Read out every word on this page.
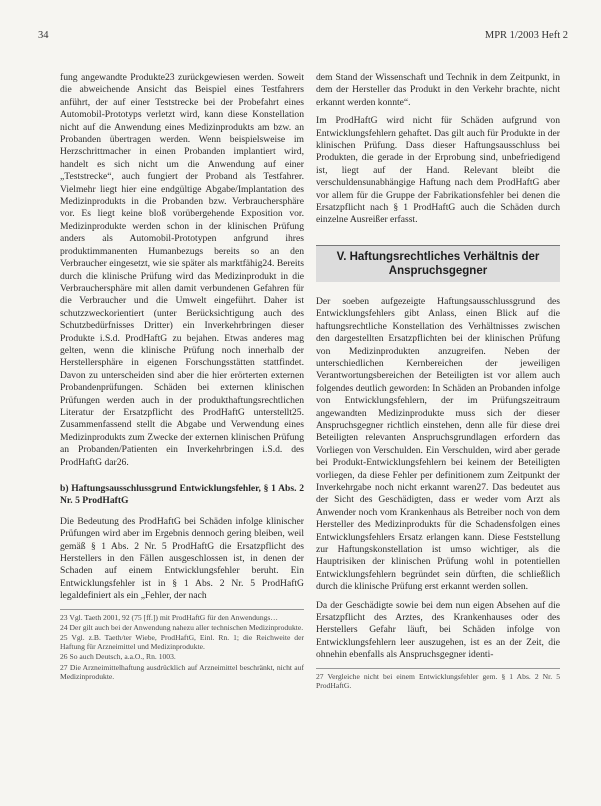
34	MPR 1/2003 Heft 2

fung angewandte Produkte23 zurückgewiesen werden. Soweit die abweichende Ansicht das Beispiel eines Testfahrers anführt, der auf einer Teststrecke bei der Probefahrt eines Automobil-Prototyps verletzt wird, kann diese Konstellation nicht auf die Anwendung eines Medizinprodukts am bzw. an Probanden übertragen werden. Wenn beispielsweise im Herzschrittmacher in einen Probanden implantiert wird, handelt es sich nicht um die Anwendung auf einer „Teststrecke“, auch fungiert der Proband als Testfahrer. Vielmehr liegt hier eine endgültige Abgabe/Implantation des Medizinprodukts in die Probanden bzw. Verbrauchersphäre vor. Es liegt keine bloß vorübergehende Exposition vor. Medizinprodukte werden schon in der klinischen Prüfung anders als Automobil-Prototypen anfgrund ihres produktimmanenten Humanbezugs bereits so an den Verbraucher eingesetzt, wie sie später als marktfähig24. Bereits durch die klinische Prüfung wird das Medizinprodukt in die Verbrauchersphäre mit allen damit verbundenen Gefahren für die Verbraucher und die Umwelt eingeführt. Daher ist schutzzweckorientiert (unter Berücksichtigung auch des Schutzbedürfnisses Dritter) ein Inverkehrbringen dieser Produkte i.S.d. ProdHaftG zu bejahen. Etwas anderes mag gelten, wenn die klinische Prüfung noch innerhalb der Herstellersphäre in eigenen Forschungsstätten stattfindet. Davon zu unterscheiden sind aber die hier erörterten externen Probandenprüfungen. Schäden bei externen klinischen Prüfungen werden auch in der produkthaftungsrechtlichen Literatur der Ersatzpflicht des ProdHaftG unterstellt25. Zusammenfassend stellt die Abgabe und Verwendung eines Medizinprodukts zum Zwecke der externen klinischen Prüfung an Probanden/Patienten ein Inverkehrbringen i.S.d. des ProdHaftG dar26.

b) Haftungsausschlussgrund Entwicklungsfehler, § 1 Abs. 2 Nr. 5 ProdHaftG

Die Bedeutung des ProdHaftG bei Schäden infolge klinischer Prüfungen wird aber im Ergebnis dennoch gering bleiben, weil gemäß § 1 Abs. 2 Nr. 5 ProdHaftG die Ersatzpflicht des Herstellers in den Fällen ausgeschlossen ist, in denen der Schaden auf einem Entwicklungsfehler beruht. Ein Entwicklungsfehler ist in § 1 Abs. 2 Nr. 5 ProdHaftG legaldefiniert als ein „Fehler, der nach

23 Vgl. Taeth 2001, 92 (75 [ff.]) mit ProdHaftG für den Anwendungs…
24 Der gilt auch bei der Anwendung nahezu aller technischen Medizinprodukte.
25 Vgl. z.B. Taeth/ter Wiebe, ProdHaftG, Einl. Rn. 1; die Reichweite der Haftung für Arzneimittel und Medizinprodukte.
26 So auch Deutsch, a.a.O., Rn. 1003.
27 Die Arzneimittelhaftung ausdrücklich auf Arzneimittel beschränkt, nicht auf Medizinprodukte.

dem Stand der Wissenschaft und Technik in dem Zeitpunkt, in dem der Hersteller das Produkt in den Verkehr brachte, nicht erkannt werden konnte“.

Im ProdHaftG wird nicht für Schäden aufgrund von Entwicklungsfehlern gehaftet. Das gilt auch für Produkte in der klinischen Prüfung. Dass dieser Haftungsausschluss bei Produkten, die gerade in der Erprobung sind, unbefriedigend ist, liegt auf der Hand. Relevant bleibt die verschuldensunabhängige Haftung nach dem ProdHaftG aber vor allem für die Gruppe der Fabrikationsfehler bei denen die Ersatzpflicht nach § 1 ProdHaftG auch die Schäden durch einzelne Ausreißer erfasst.

V. Haftungsrechtliches Verhältnis der Anspruchsgegner

Der soeben aufgezeigte Haftungsausschlussgrund des Entwicklungsfehlers gibt Anlass, einen Blick auf die haftungsrechtliche Konstellation des Verhältnisses zwischen den dargestellten Ersatzpflichten bei der klinischen Prüfung von Medizinprodukten anzugreifen. Neben der unterschiedlichen Kernbereichen der jeweiligen Verantwortungsbereichen der Beteiligten ist vor allem auch folgendes deutlich geworden: In Schäden an Probanden infolge von Entwicklungsfehlern, der im Prüfungszeitraum angewandten Medizinprodukte muss sich der dieser Anspruchsgegner richtlich einstehen, denn alle für diese drei Beteiligten relevanten Anspruchsgrundlagen erfordern das Vorliegen von Verschulden. Ein Verschulden, wird aber gerade bei Produkt-Entwicklungsfehlern bei keinem der Beteiligten vorliegen, da diese Fehler per definitionem zum Zeitpunkt der Inverkehrgabe noch nicht erkannt waren27. Das bedeutet aus der Sicht des Geschädigten, dass er weder vom Arzt als Anwender noch vom Krankenhaus als Betreiber noch von dem Hersteller des Medizinprodukts für die Schadensfolgen eines Entwicklungsfehlers Ersatz erlangen kann. Diese Feststellung zur Haftungskonstellation ist umso wichtiger, als die Hauptrisiken der klinischen Prüfung wohl in potentiellen Entwicklungsfehlern begründet sein dürften, die schließlich durch die klinische Prüfung erst erkannt werden sollen.

Da der Geschädigte sowie bei dem nun eigen Absehen auf die Ersatzpflicht des Arztes, des Krankenhauses oder des Herstellers Gefahr läuft, bei Schäden infolge von Entwicklungsfehlern leer auszugehen, ist es an der Zeit, die ohnehin ebenfalls als Anspruchsgegner identi-

27 Vergleiche nicht bei einem Entwicklungsfehler gem. § 1 Abs. 2 Nr. 5 ProdHaftG.
